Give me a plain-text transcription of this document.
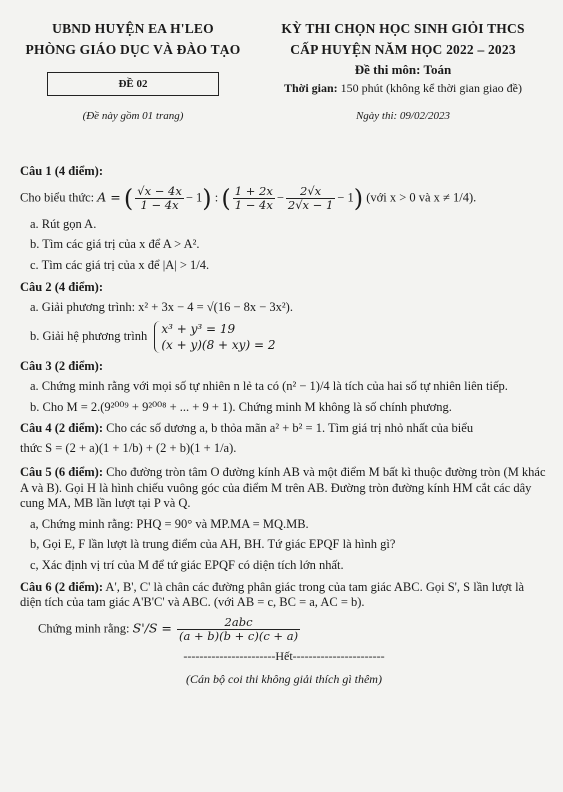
UBND HUYỆN EA H'LEO
PHÒNG GIÁO DỤC VÀ ĐÀO TẠO
ĐỀ 02
(Đề này gồm 01 trang)
KỲ THI CHỌN HỌC SINH GIỎI THCS
CẤP HUYỆN NĂM HỌC 2022 – 2023
Đề thi môn: Toán
Thời gian: 150 phút (không kể thời gian giao đề)
Ngày thi: 09/02/2023
Câu 1 (4 điểm):
Cho biểu thức: A = ( $\frac{√x - 4x}{1 - 4x} - 1$) : ( $\frac{1 + 2x}{1 - 4x} - \frac{2√x}{2√x - 1} - 1$) (với x > 0 và x ≠ 1/4).
a. Rút gọn A.
b. Tìm các giá trị của x để A > A².
c. Tìm các giá trị của x để |A| > 1/4.
Câu 2 (4 điểm):
a. Giải phương trình: x² + 3x − 4 = √(16 − 8x − 3x²).
b. Giải hệ phương trình x³ + y³ = 19
(x + y)(8 + xy) = 2
Câu 3 (2 điểm):
a. Chứng minh rằng với mọi số tự nhiên n lẻ ta có (n² − 1)/4 là tích của hai số tự nhiên liên tiếp.
b. Cho M = 2.(9²⁰⁰⁹ + 9²⁰⁰⁸ + ... + 9 + 1). Chứng minh M không là số chính phương.
Câu 4 (2 điểm): Cho các số dương a, b thỏa mãn a² + b² = 1. Tìm giá trị nhỏ nhất của biểu
thức S = (2 + a)(1 + 1/b) + (2 + b)(1 + 1/a).
Câu 5 (6 điểm): Cho đường tròn tâm O đường kính AB và một điểm M bất kì thuộc đường tròn (M khác A và B). Gọi H là hình chiếu vuông góc của điểm M trên AB. Đường tròn đường kính HM cắt các dây cung MA, MB lần lượt tại P và Q.
a, Chứng minh rằng: PHQ = 90° và MP.MA = MQ.MB.
b, Gọi E, F lần lượt là trung điểm của AH, BH. Tứ giác EPQF là hình gì?
c, Xác định vị trí của M để tứ giác EPQF có diện tích lớn nhất.
Câu 6 (2 điểm): A', B', C' là chân các đường phân giác trong của tam giác ABC. Gọi S', S lần lượt là diện tích của tam giác A'B'C' và ABC. (với AB = c, BC = a, AC = b).
Chứng minh rằng: $S'/S = \frac{\text{2abc}}{(a + b)(b + c)(c + a)}$
-----------------------Hết-----------------------
(Cán bộ coi thi không giải thích gì thêm)
